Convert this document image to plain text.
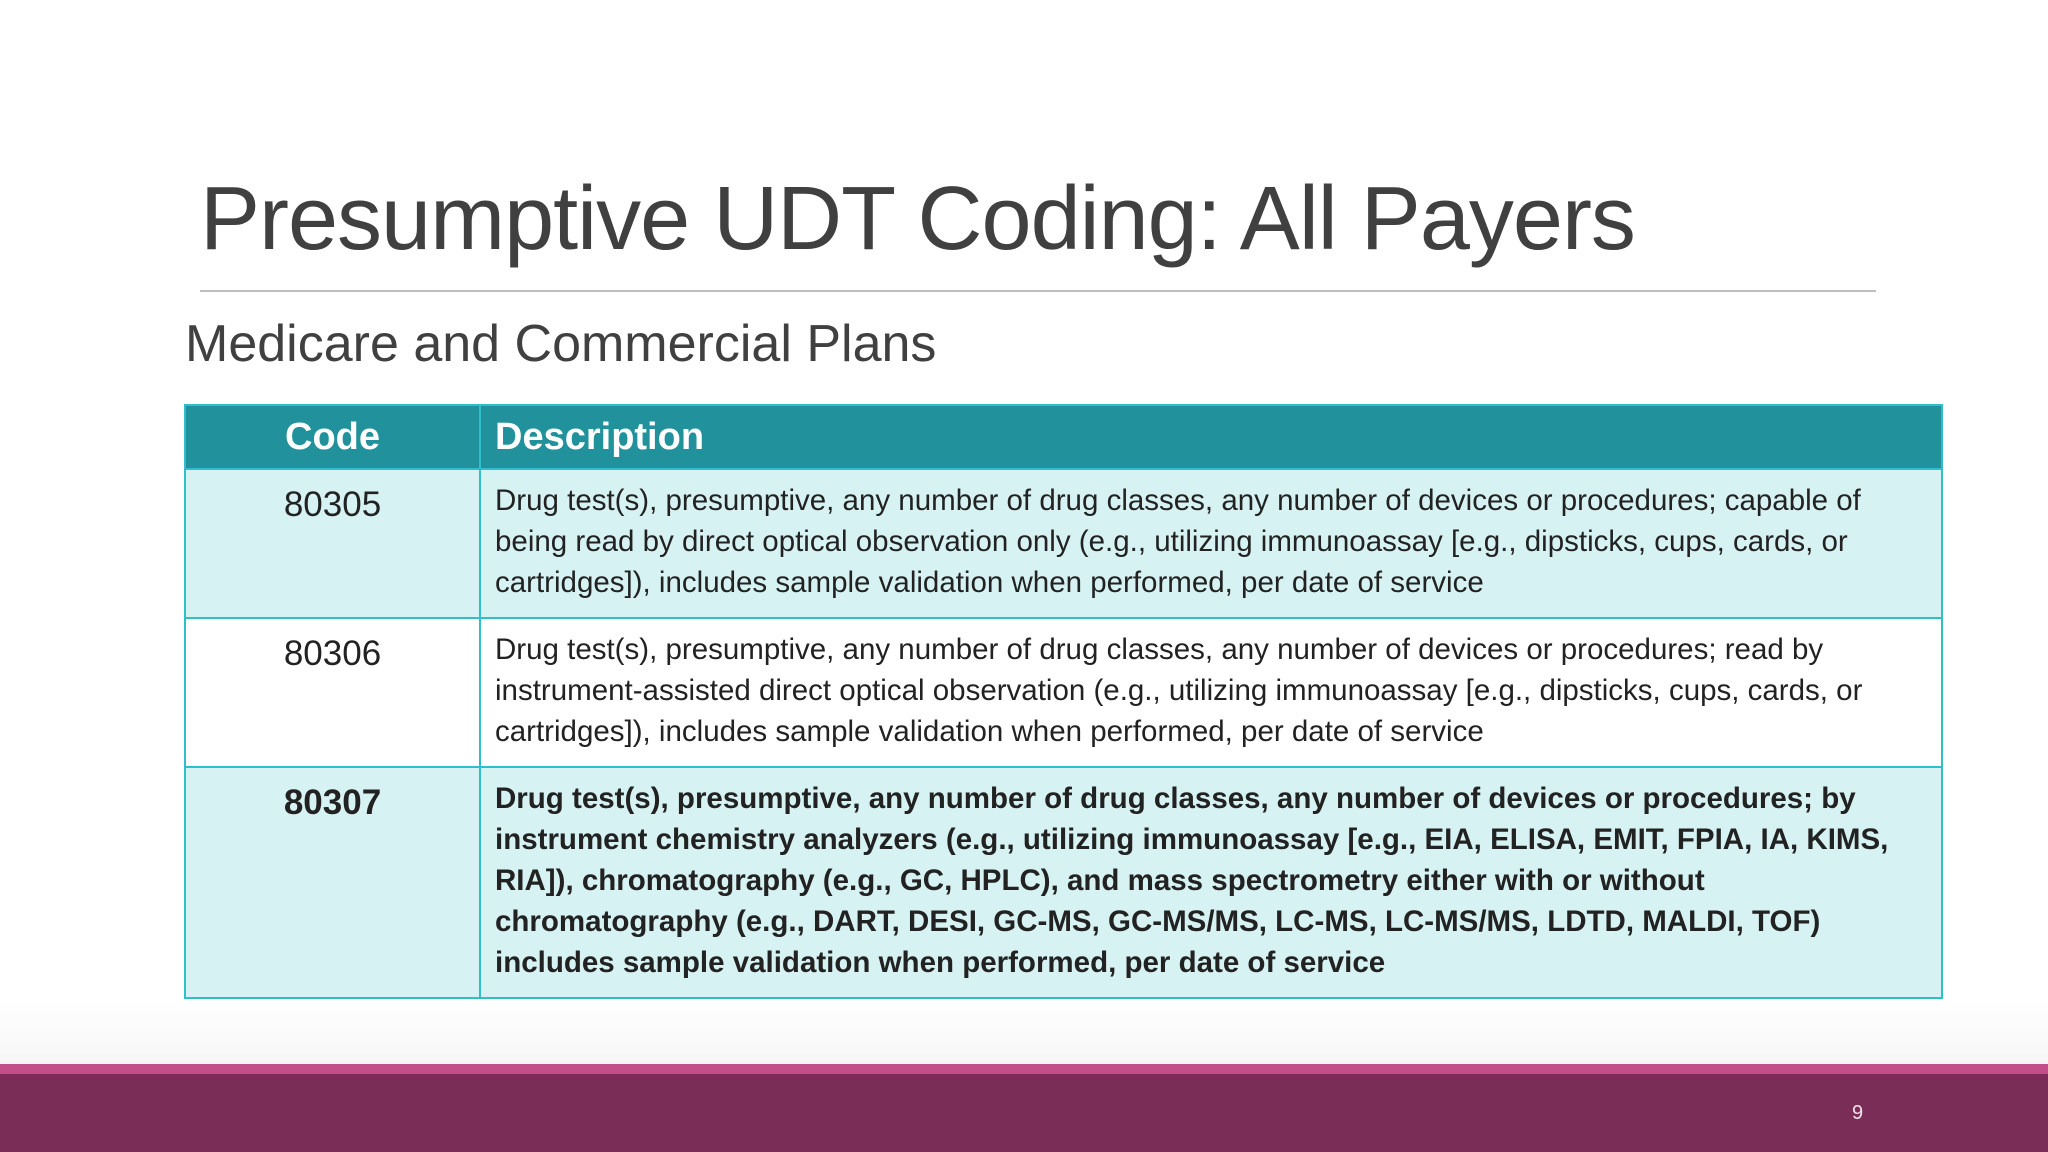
Presumptive UDT Coding: All Payers
Medicare and Commercial Plans
Code	Description
80305	Drug test(s), presumptive, any number of drug classes, any number of devices or procedures; capable of being read by direct optical observation only (e.g., utilizing immunoassay [e.g., dipsticks, cups, cards, or cartridges]), includes sample validation when performed, per date of service
80306	Drug test(s), presumptive, any number of drug classes, any number of devices or procedures; read by instrument-assisted direct optical observation (e.g., utilizing immunoassay [e.g., dipsticks, cups, cards, or cartridges]), includes sample validation when performed, per date of service
80307	Drug test(s), presumptive, any number of drug classes, any number of devices or procedures; by instrument chemistry analyzers (e.g., utilizing immunoassay [e.g., EIA, ELISA, EMIT, FPIA, IA, KIMS, RIA]), chromatography (e.g., GC, HPLC), and mass spectrometry either with or without chromatography (e.g., DART, DESI, GC-MS, GC-MS/MS, LC-MS, LC-MS/MS, LDTD, MALDI, TOF) includes sample validation when performed, per date of service
9
